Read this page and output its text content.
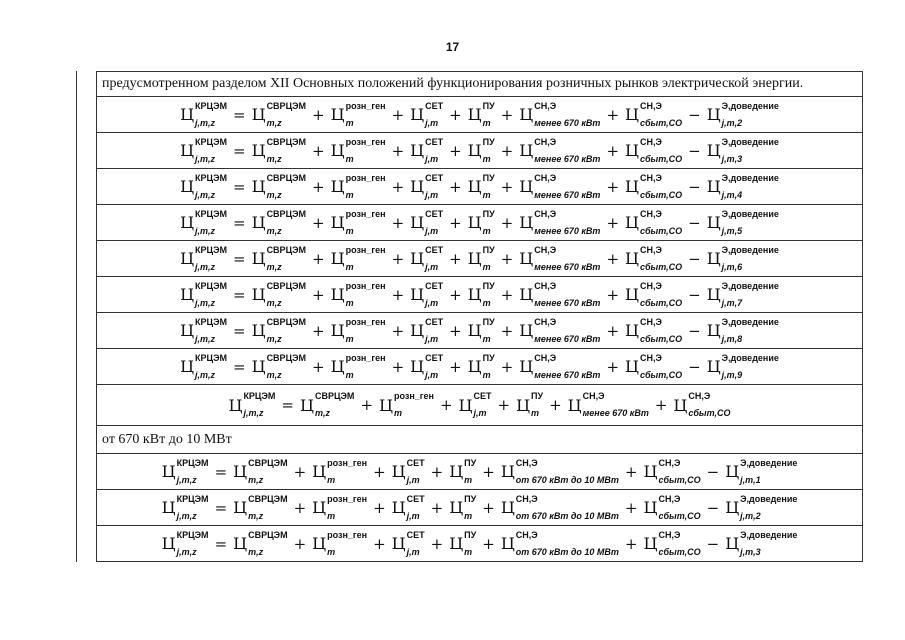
17
предусмотренном разделом XII Основных положений функционирования розничных рынков электрической энергии.
Ц КРЦЭМ
j,m,z	= Ц СВРЦЭМ
m,z	+ Ц розн_ген
m	+ Ц СЕТ
j,m + Ц ПУ
m + Ц СН,Э
менее 670 кВт + Ц СН,Э
сбыт,СО − Ц Э,доведение
j,m,2
Ц КРЦЭМ
j,m,z	= Ц СВРЦЭМ
m,z	+ Ц розн_ген
m	+ Ц СЕТ
j,m + Ц ПУ
m + Ц СН,Э
менее 670 кВт + Ц СН,Э
сбыт,СО − Ц Э,доведение
j,m,3
Ц КРЦЭМ
j,m,z	= Ц СВРЦЭМ
m,z	+ Ц розн_ген
m	+ Ц СЕТ
j,m + Ц ПУ
m + Ц СН,Э
менее 670 кВт + Ц СН,Э
сбыт,СО − Ц Э,доведение
j,m,4
Ц КРЦЭМ
j,m,z	= Ц СВРЦЭМ
m,z	+ Ц розн_ген
m	+ Ц СЕТ
j,m + Ц ПУ
m + Ц СН,Э
менее 670 кВт + Ц СН,Э
сбыт,СО − Ц Э,доведение
j,m,5
Ц КРЦЭМ
j,m,z	= Ц СВРЦЭМ
m,z	+ Ц розн_ген
m	+ Ц СЕТ
j,m + Ц ПУ
m + Ц СН,Э
менее 670 кВт + Ц СН,Э
сбыт,СО − Ц Э,доведение
j,m,6
Ц КРЦЭМ
j,m,z	= Ц СВРЦЭМ
m,z	+ Ц розн_ген
m	+ Ц СЕТ
j,m + Ц ПУ
m + Ц СН,Э
менее 670 кВт + Ц СН,Э
сбыт,СО − Ц Э,доведение
j,m,7
Ц КРЦЭМ
j,m,z	= Ц СВРЦЭМ
m,z	+ Ц розн_ген
m	+ Ц СЕТ
j,m + Ц ПУ
m + Ц СН,Э
менее 670 кВт + Ц СН,Э
сбыт,СО − Ц Э,доведение
j,m,8
Ц КРЦЭМ
j,m,z	= Ц СВРЦЭМ
m,z	+ Ц розн_ген
m	+ Ц СЕТ
j,m + Ц ПУ
m + Ц СН,Э
менее 670 кВт + Ц СН,Э
сбыт,СО − Ц Э,доведение
j,m,9
Ц КРЦЭМ
j,m,z	= Ц СВРЦЭМ
m,z	+ Ц розн_ген
m	+ Ц СЕТ
j,m + Ц ПУ
m + Ц СН,Э
менее 670 кВт + Ц СН,Э
сбыт,СО
от 670 кВт до 10 МВт
Ц КРЦЭМ
j,m,z	= Ц СВРЦЭМ
m,z	+ Ц розн_ген
m	+ Ц СЕТ
j,m + Ц ПУ
m + Ц СН,Э
от 670 кВт до 10 МВт + Ц СН,Э
сбыт,СО − Ц Э,доведение
j,m,1
Ц КРЦЭМ
j,m,z	= Ц СВРЦЭМ
m,z	+ Ц розн_ген
m	+ Ц СЕТ
j,m + Ц ПУ
m + Ц СН,Э
от 670 кВт до 10 МВт + Ц СН,Э
сбыт,СО − Ц Э,доведение
j,m,2
Ц КРЦЭМ
j,m,z	= Ц СВРЦЭМ
m,z	+ Ц розн_ген
m	+ Ц СЕТ
j,m + Ц ПУ
m + Ц СН,Э
от 670 кВт до 10 МВт + Ц СН,Э
сбыт,СО − Ц Э,доведение
j,m,3
